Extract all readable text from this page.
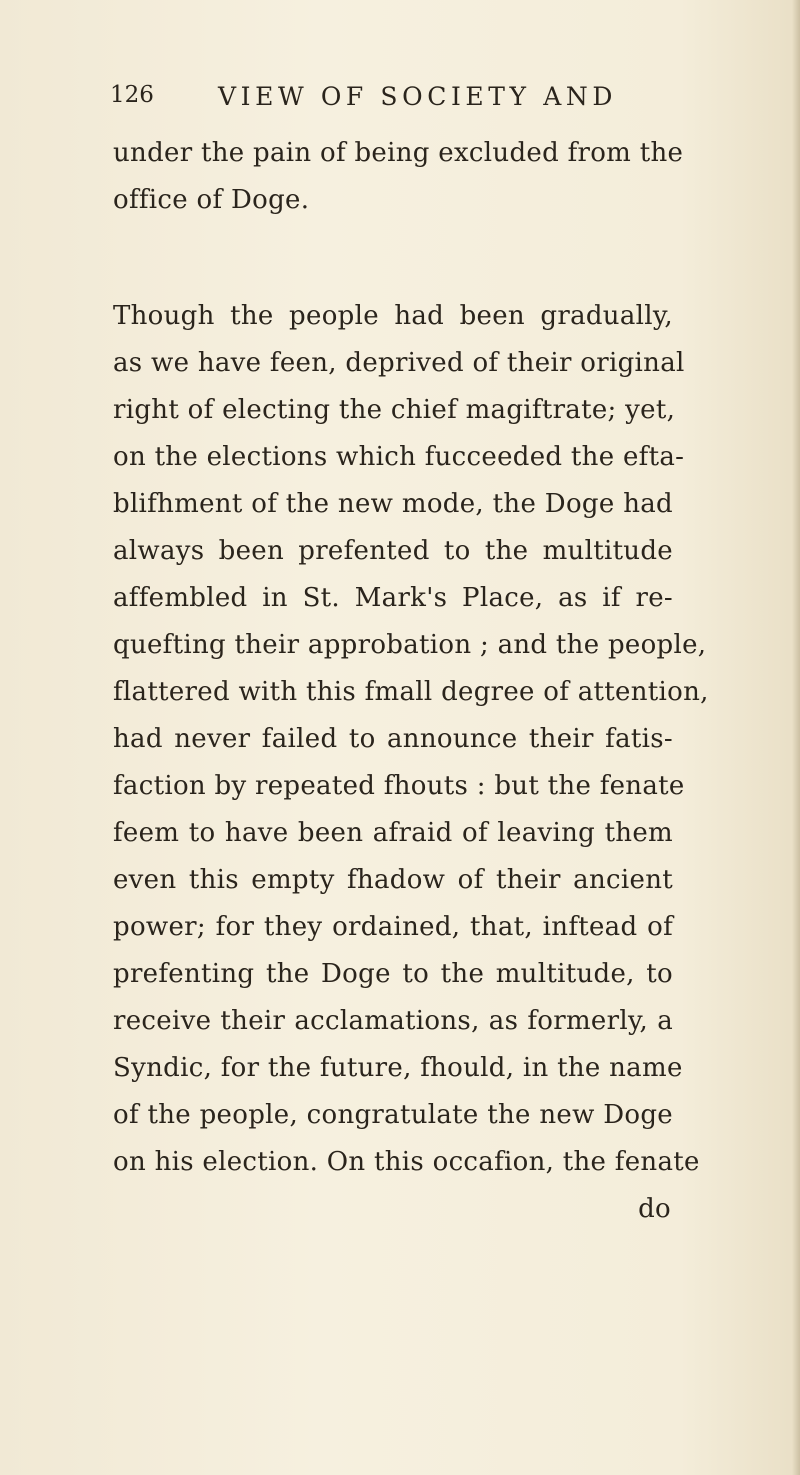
126	VIEW OF SOCIETY AND
under the pain of being excluded from the
office of Doge.
Though the people had been gradually,
as we have feen, deprived of their original
right of electing the chief magiftrate; yet,
on the elections which fucceeded the efta-
blifhment of the new mode, the Doge had
always been prefented to the multitude
affembled in St. Mark's Place, as if re-
quefting their approbation ; and the people,
flattered with this fmall degree of attention,
had never failed to announce their fatis-
faction by repeated fhouts : but the fenate
feem to have been afraid of leaving them
even this empty fhadow of their ancient
power; for they ordained, that, inftead of
prefenting the Doge to the multitude, to
receive their acclamations, as formerly, a
Syndic, for the future, fhould, in the name
of the people, congratulate the new Doge
on his election. On this occafion, the fenate
do
